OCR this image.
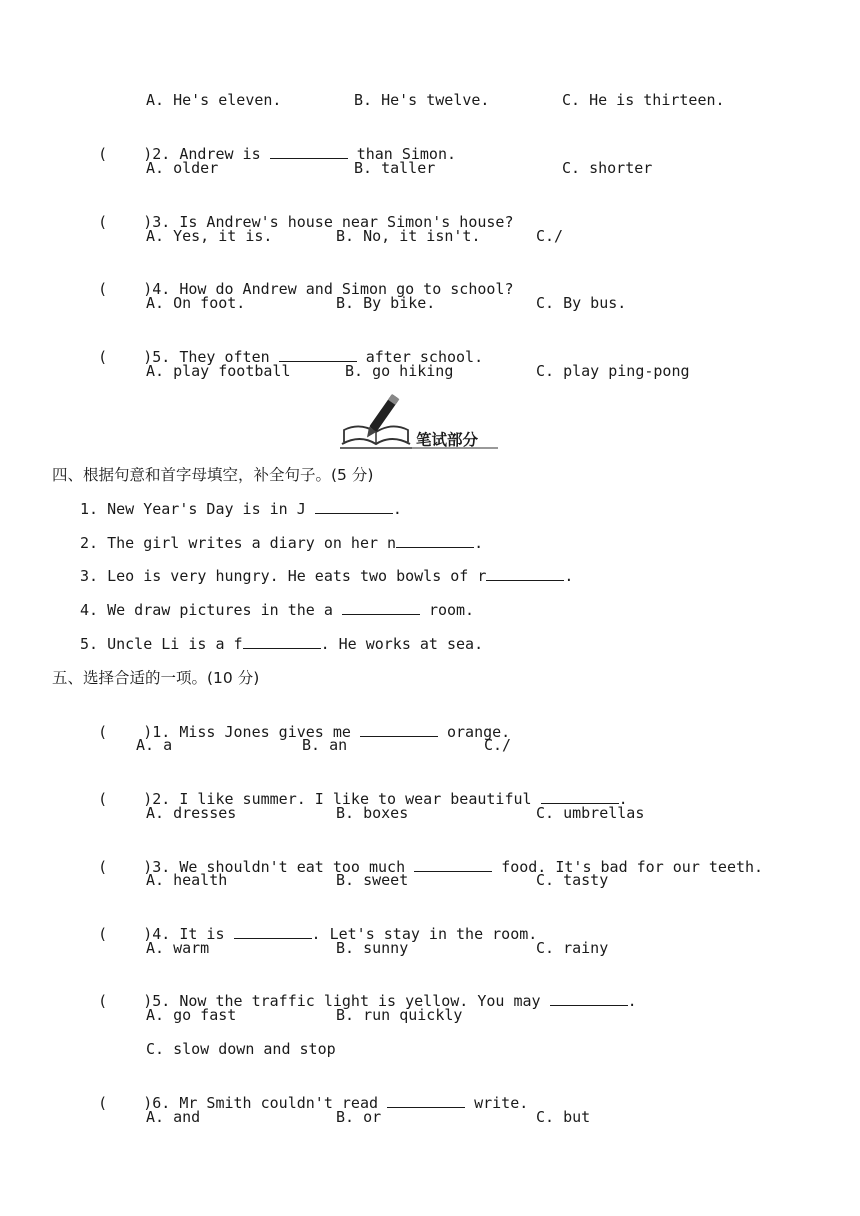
A. He's eleven.	B. He's twelve.	C. He is thirteen.

( )2. Andrew is	than Simon.

A. older	B. taller	C. shorter

( )3. Is Andrew's house near Simon's house?

A. Yes, it is.	B. No, it isn't.	C./

( )4. How do Andrew and Simon go to school?

A. On foot.	B. By bike.	C. By bus.

( )5. They often	after school.

A. play football	B. go hiking	C. play ping-pong
笔试部分
四、根据句意和首字母填空，补全句子。(5 分)
1. New Year's Day is in J	.
2. The girl writes a diary on her n	.
3. Leo is very hungry. He eats two bowls of r	.
4. We draw pictures in the a	room.
5. Uncle Li is a f	. He works at sea.
五、选择合适的一项。(10 分)

( )1. Miss Jones gives me	orange.

A. a	B. an	C./

( )2. I like summer. I like to wear beautiful	.

A. dresses	B. boxes	C. umbrellas

( )3. We shouldn't eat too much	food. It's bad for our teeth.

A. health	B. sweet	C. tasty

( )4. It is	. Let's stay in the room.

A. warm	B. sunny	C. rainy

( )5. Now the traffic light is yellow. You may	.

A. go fast	B. run quickly
C. slow down and stop

( )6. Mr Smith couldn't read	write.

A. and	B. or	C. but
